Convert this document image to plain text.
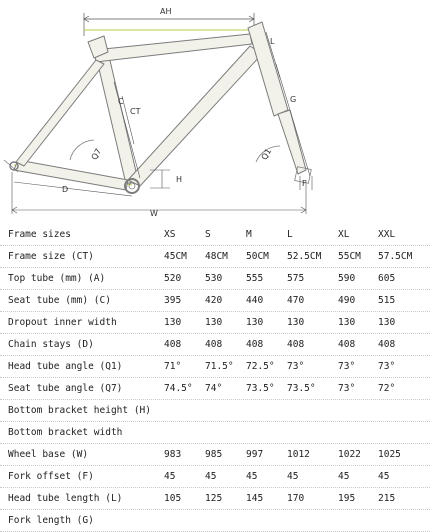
AH
L
G
C
CT
Q7	Q1
H	F
D
W
Frame sizes	XS	S	M	L	XL	XXL
Frame size (CT)	45CM 48CM 50CM 52.5CM 55CM 57.5CM
Top tube (mm) (A)	520	530	555	575	590 605
Seat tube (mm) (C)	395	420	440	470	490 515
Dropout inner width	130	130	130	130	130 130
Chain stays (D)	408	408	408	408	408 408
Head tube angle (Q1)	71°	71.5° 72.5° 73°	73° 73°
Seat tube angle (Q7)	74.5° 74°	73.5° 73.5° 73° 72°
Bottom bracket height (H)
Bottom bracket width
Wheel base (W)	983	985	997	1012	1022 1025
Fork offset (F)	45	45	45	45	45	45
Head tube length (L)	105	125	145	170	195 215
Fork length (G)
